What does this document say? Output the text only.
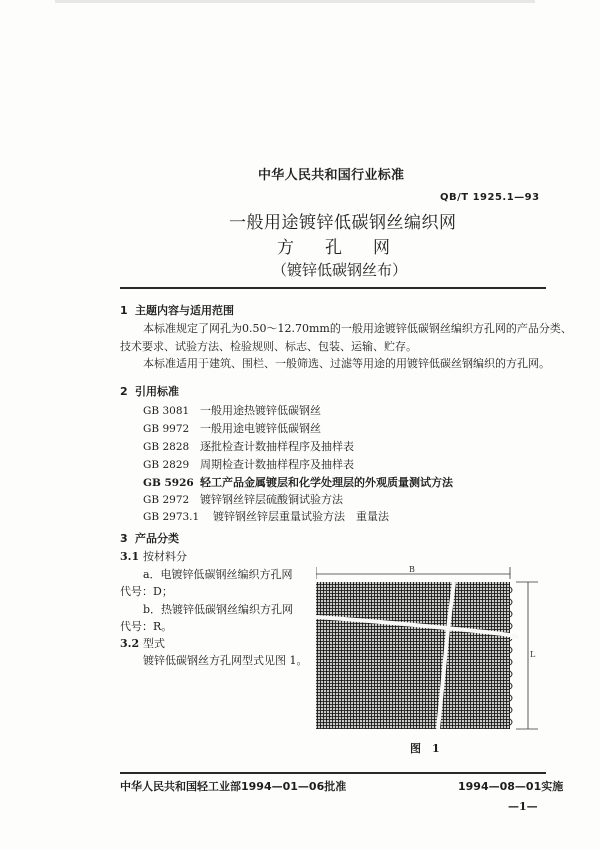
中华人民共和国行业标准
QB/T 1925.1—93
一般用途镀锌低碳钢丝编织网
方 孔 网
（镀锌低碳钢丝布）
1 主题内容与适用范围
本标准规定了网孔为0.50～12.70mm的一般用途镀锌低碳钢丝编织方孔网的产品分类、
技术要求、试验方法、检验规则、标志、包装、运输、贮存。
本标准适用于建筑、围栏、一般筛选、过滤等用途的用镀锌低碳丝钢编织的方孔网。
2 引用标准
GB 3081 一般用途热镀锌低碳钢丝
GB 9972 一般用途电镀锌低碳钢丝
GB 2828 逐批检查计数抽样程序及抽样表
GB 2829 周期检查计数抽样程序及抽样表
GB 5926 轻工产品金属镀层和化学处理层的外观质量测试方法
GB 2972 镀锌钢丝锌层硫酸铜试验方法
GB 2973.1 镀锌钢丝锌层重量试验方法　重量法
3 产品分类
3.1 按材料分
a．电镀锌低碳钢丝编织方孔网
代号：D；
b．热镀锌低碳钢丝编织方孔网
代号：R。
3.2 型式
镀锌低碳钢丝方孔网型式见图 1。
B
L
图 1
中华人民共和国轻工业部1994—01—06批准	1994—08—01实施
—1—
